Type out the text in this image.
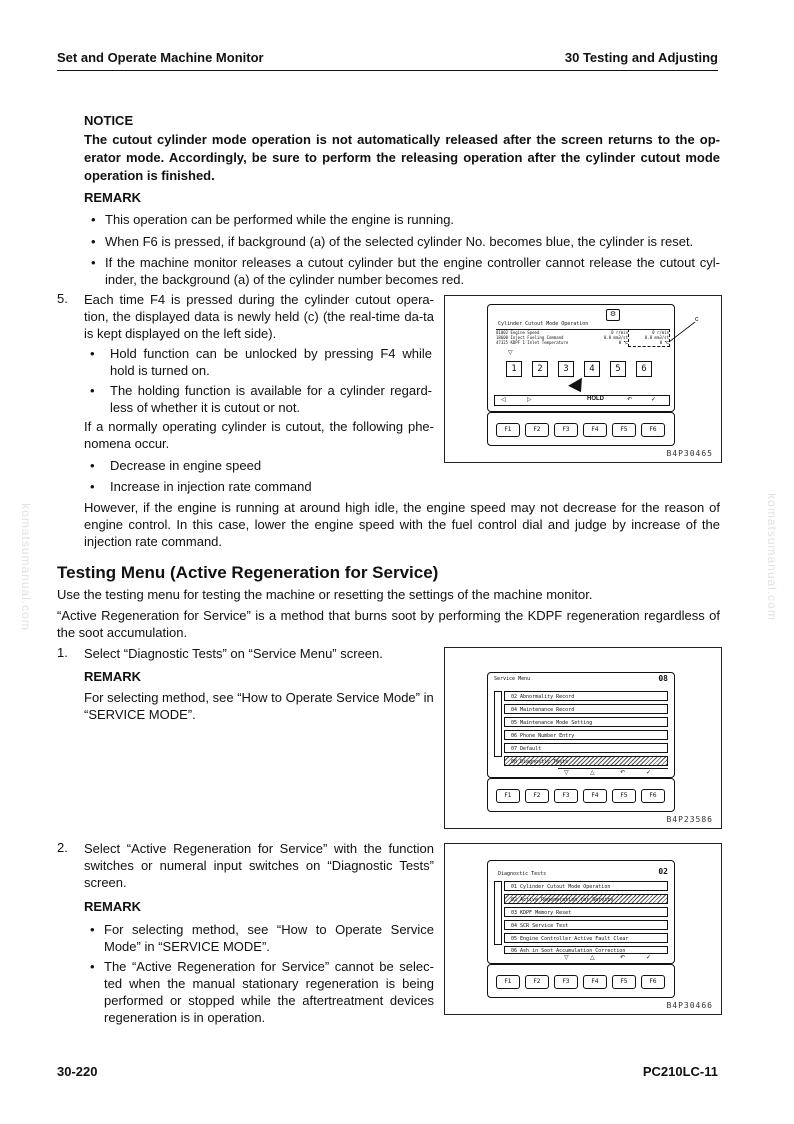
Set and Operate Machine Monitor	30 Testing and Adjusting
komatsumanual.com	komatsumanual.com
NOTICE
The cutout cylinder mode operation is not automatically released after the screen returns to the op-erator mode. Accordingly, be sure to perform the releasing operation after the cylinder cutout mode operation is finished.
REMARK
• This operation can be performed while the engine is running.
• When F6 is pressed, if background (a) of the selected cylinder No. becomes blue, the cylinder is reset.
• If the machine monitor releases a cutout cylinder but the engine controller cannot release the cutout cyl-inder, the background (a) of the cylinder number becomes red.
5. Each time F4 is pressed during the cylinder cutout opera-tion, the displayed data is newly held (c) (the real-time da-ta is kept displayed on the left side).
• Hold function can be unlocked by pressing F4 while hold is turned on.
• The holding function is available for a cylinder regard-less of whether it is cutout or not.
If a normally operating cylinder is cutout, the following phe-nomena occur.
• Decrease in engine speed
• Increase in injection rate command
However, if the engine is running at around high idle, the engine speed may not decrease for the reason of engine control. In this case, lower the engine speed with the fuel control dial and judge by increase of the injection rate command.
Cylinder Cutout Mode Operation
⚙
01002 Engine Speed
18600 Inject Fueling Command
47325 KDPF 1 Inlet Temperature
0 r/min
0.0 mm3/st
0 ℃
0 r/min
0.0 mm3/st
0 ℃
▽
1	2	3	4	5	6
◁	▷	HOLD	↶	✓
c
F1	F2	F3	F4	F5	F6
B4P30465
Testing Menu (Active Regeneration for Service)
Use the testing menu for testing the machine or resetting the settings of the machine monitor.
“Active Regeneration for Service” is a method that burns soot by performing the KDPF regeneration regardless of the soot accumulation.
1. Select “Diagnostic Tests” on “Service Menu” screen.
REMARK
For selecting method, see “How to Operate Service Mode” in “SERVICE MODE”.
Service Menu	08
02 Abnormality Record
04 Maintenance Record
05 Maintenance Mode Setting
06 Phone Number Entry
07 Default
08 Diagnostic Tests
▽	△	↶	✓
F1	F2	F3	F4	F5	F6
B4P23586
2. Select “Active Regeneration for Service” with the function switches or numeral input switches on “Diagnostic Tests” screen.
REMARK
• For selecting method, see “How to Operate Service Mode” in “SERVICE MODE”.
• The “Active Regeneration for Service” cannot be selec-ted when the manual stationary regeneration is being performed or stopped while the aftertreatment devices regeneration is in operation.
Diagnostic Tests	02
01 Cylinder Cutout Mode Operation
02 Active Regeneration for Service
03 KDPF Memory Reset
04 SCR Service Test
05 Engine Controller Active Fault Clear
06 Ash in Soot Accumulation Correction
▽	△	↶	✓
F1	F2	F3	F4	F5	F6
B4P30466
30-220	PC210LC-11
